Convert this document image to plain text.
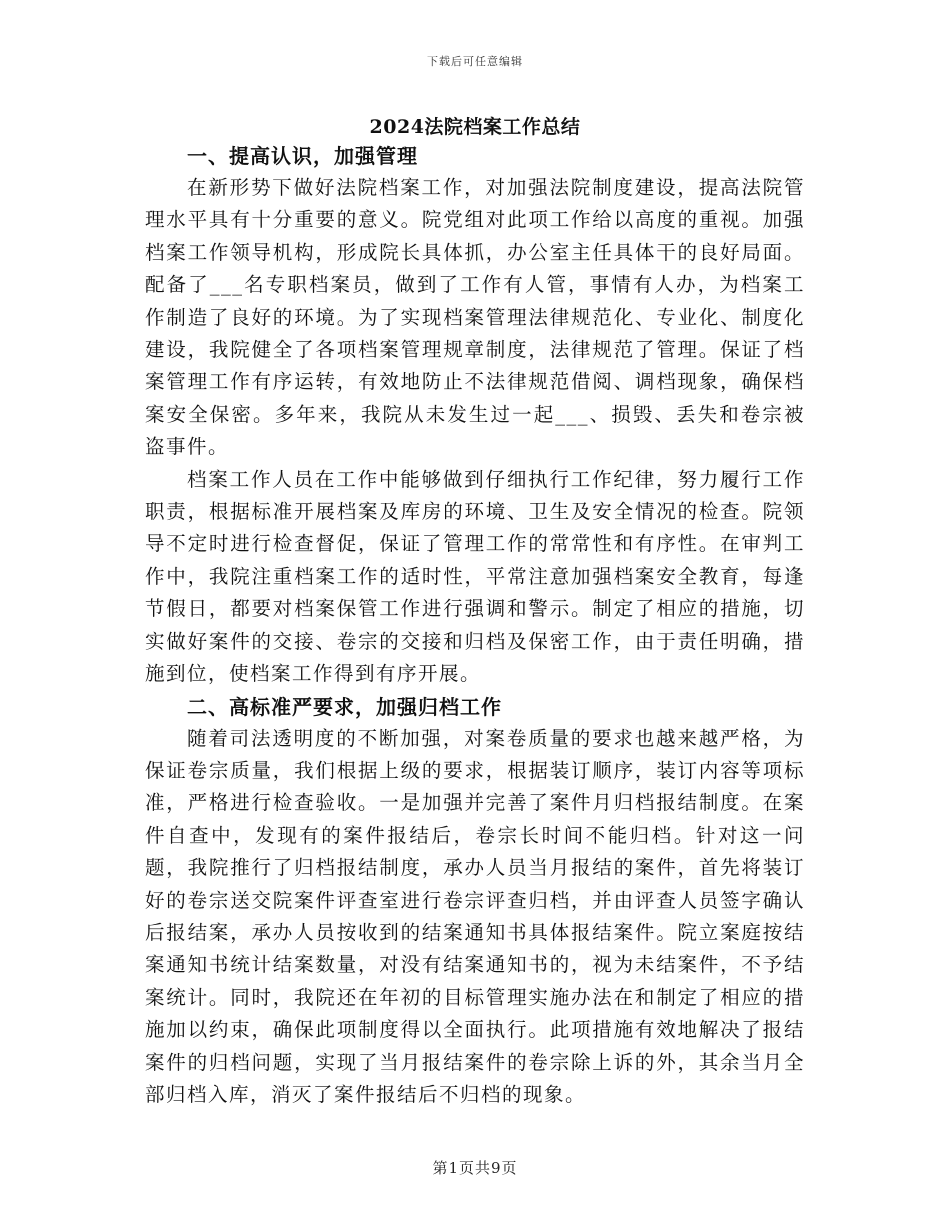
下载后可任意编辑
2024法院档案工作总结
一、提高认识，加强管理

在新形势下做好法院档案工作，对加强法院制度建设，提高法院管理水平具有十分重要的意义。院党组对此项工作给以高度的重视。加强档案工作领导机构，形成院长具体抓，办公室主任具体干的良好局面。配备了___名专职档案员，做到了工作有人管，事情有人办，为档案工作制造了良好的环境。为了实现档案管理法律规范化、专业化、制度化建设，我院健全了各项档案管理规章制度，法律规范了管理。保证了档案管理工作有序运转，有效地防止不法律规范借阅、调档现象，确保档案安全保密。多年来，我院从未发生过一起___、损毁、丢失和卷宗被盗事件。

档案工作人员在工作中能够做到仔细执行工作纪律，努力履行工作职责，根据标准开展档案及库房的环境、卫生及安全情况的检查。院领导不定时进行检查督促，保证了管理工作的常常性和有序性。在审判工作中，我院注重档案工作的适时性，平常注意加强档案安全教育，每逢节假日，都要对档案保管工作进行强调和警示。制定了相应的措施，切实做好案件的交接、卷宗的交接和归档及保密工作，由于责任明确，措施到位，使档案工作得到有序开展。

二、高标准严要求，加强归档工作

随着司法透明度的不断加强，对案卷质量的要求也越来越严格，为保证卷宗质量，我们根据上级的要求，根据装订顺序，装订内容等项标准，严格进行检查验收。一是加强并完善了案件月归档报结制度。在案件自查中，发现有的案件报结后，卷宗长时间不能归档。针对这一问题，我院推行了归档报结制度，承办人员当月报结的案件，首先将装订好的卷宗送交院案件评查室进行卷宗评查归档，并由评查人员签字确认后报结案，承办人员按收到的结案通知书具体报结案件。院立案庭按结案通知书统计结案数量，对没有结案通知书的，视为未结案件，不予结案统计。同时，我院还在年初的目标管理实施办法在和制定了相应的措施加以约束，确保此项制度得以全面执行。此项措施有效地解决了报结案件的归档问题，实现了当月报结案件的卷宗除上诉的外，其余当月全部归档入库，消灭了案件报结后不归档的现象。

第1页共9页
